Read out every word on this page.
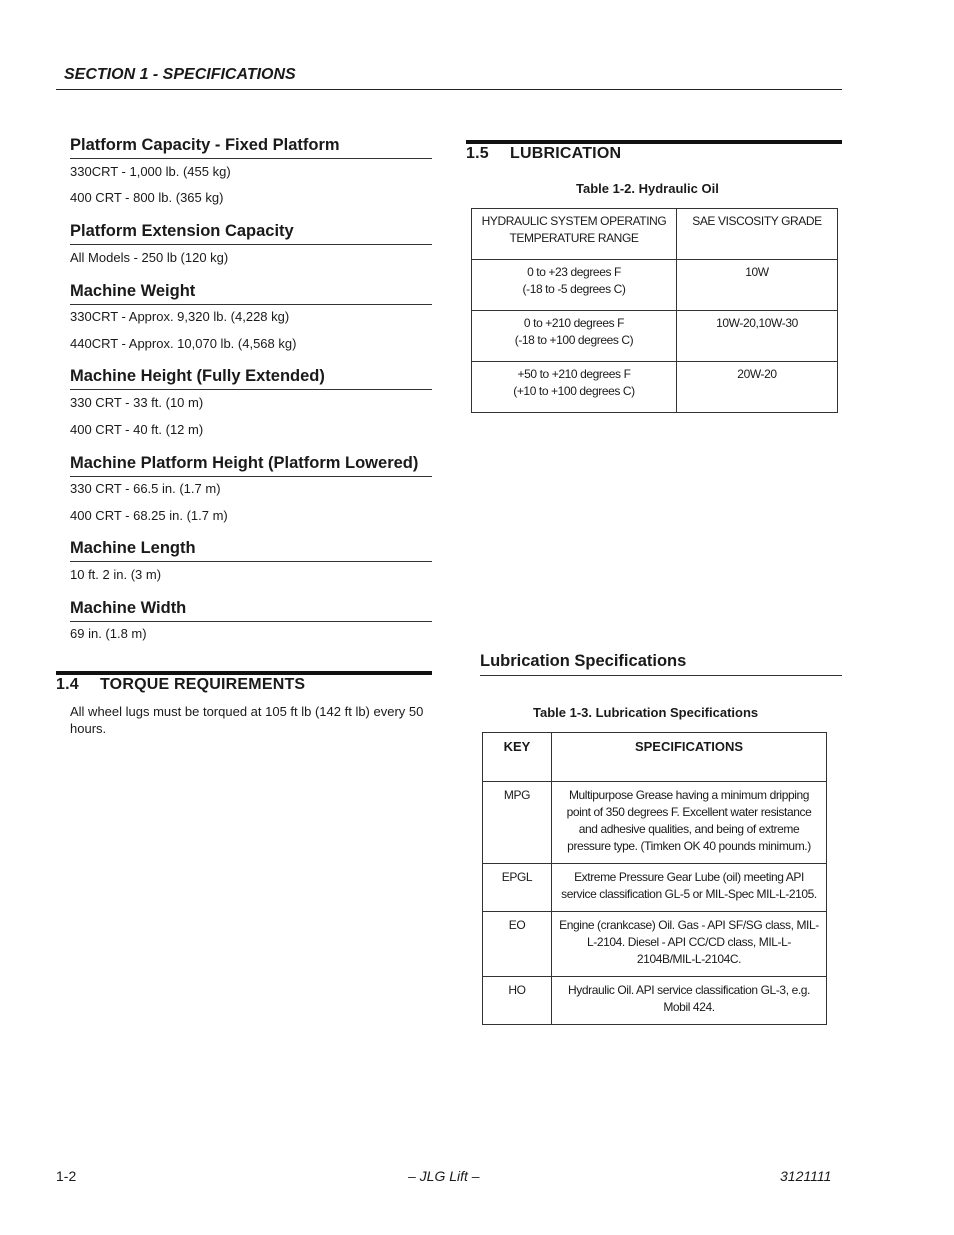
SECTION 1 - SPECIFICATIONS
Platform Capacity - Fixed Platform
330CRT - 1,000 lb. (455 kg)
400 CRT - 800 lb. (365 kg)
Platform Extension Capacity
All Models - 250 lb (120 kg)
Machine Weight
330CRT - Approx. 9,320 lb. (4,228 kg)
440CRT - Approx. 10,070 lb. (4,568 kg)
Machine Height (Fully Extended)
330 CRT - 33 ft. (10 m)
400 CRT - 40 ft. (12 m)
Machine Platform Height (Platform Lowered)
330 CRT - 66.5 in. (1.7 m)
400 CRT - 68.25 in. (1.7 m)
Machine Length
10 ft. 2 in. (3 m)
Machine Width
69 in. (1.8 m)
1.4 TORQUE REQUIREMENTS
All wheel lugs must be torqued at 105 ft lb (142 ft lb) every 50 hours.
1.5 LUBRICATION
Table 1-2. Hydraulic Oil
HYDRAULIC SYSTEM OPERATING TEMPERATURE RANGE	SAE VISCOSITY GRADE

0 to +23 degrees F
(-18 to -5 degrees C)	10W

0 to +210 degrees F
(-18 to +100 degrees C)	10W-20,10W-30

+50 to +210 degrees F
(+10 to +100 degrees C)	20W-20
Lubrication Specifications
Table 1-3. Lubrication Specifications
KEY	SPECIFICATIONS
MPG	Multipurpose Grease having a minimum dripping point of 350 degrees F. Excellent water resistance and adhesive qualities, and being of extreme pressure type. (Timken OK 40 pounds minimum.)
EPGL	Extreme Pressure Gear Lube (oil) meeting API service classification GL-5 or MIL-Spec MIL-L-2105.
EO	Engine (crankcase) Oil. Gas - API SF/SG class, MIL-L-2104. Diesel - API CC/CD class, MIL-L-2104B/MIL-L-2104C.
HO	Hydraulic Oil. API service classification GL-3, e.g. Mobil 424.
1-2	– JLG Lift –	3121111
